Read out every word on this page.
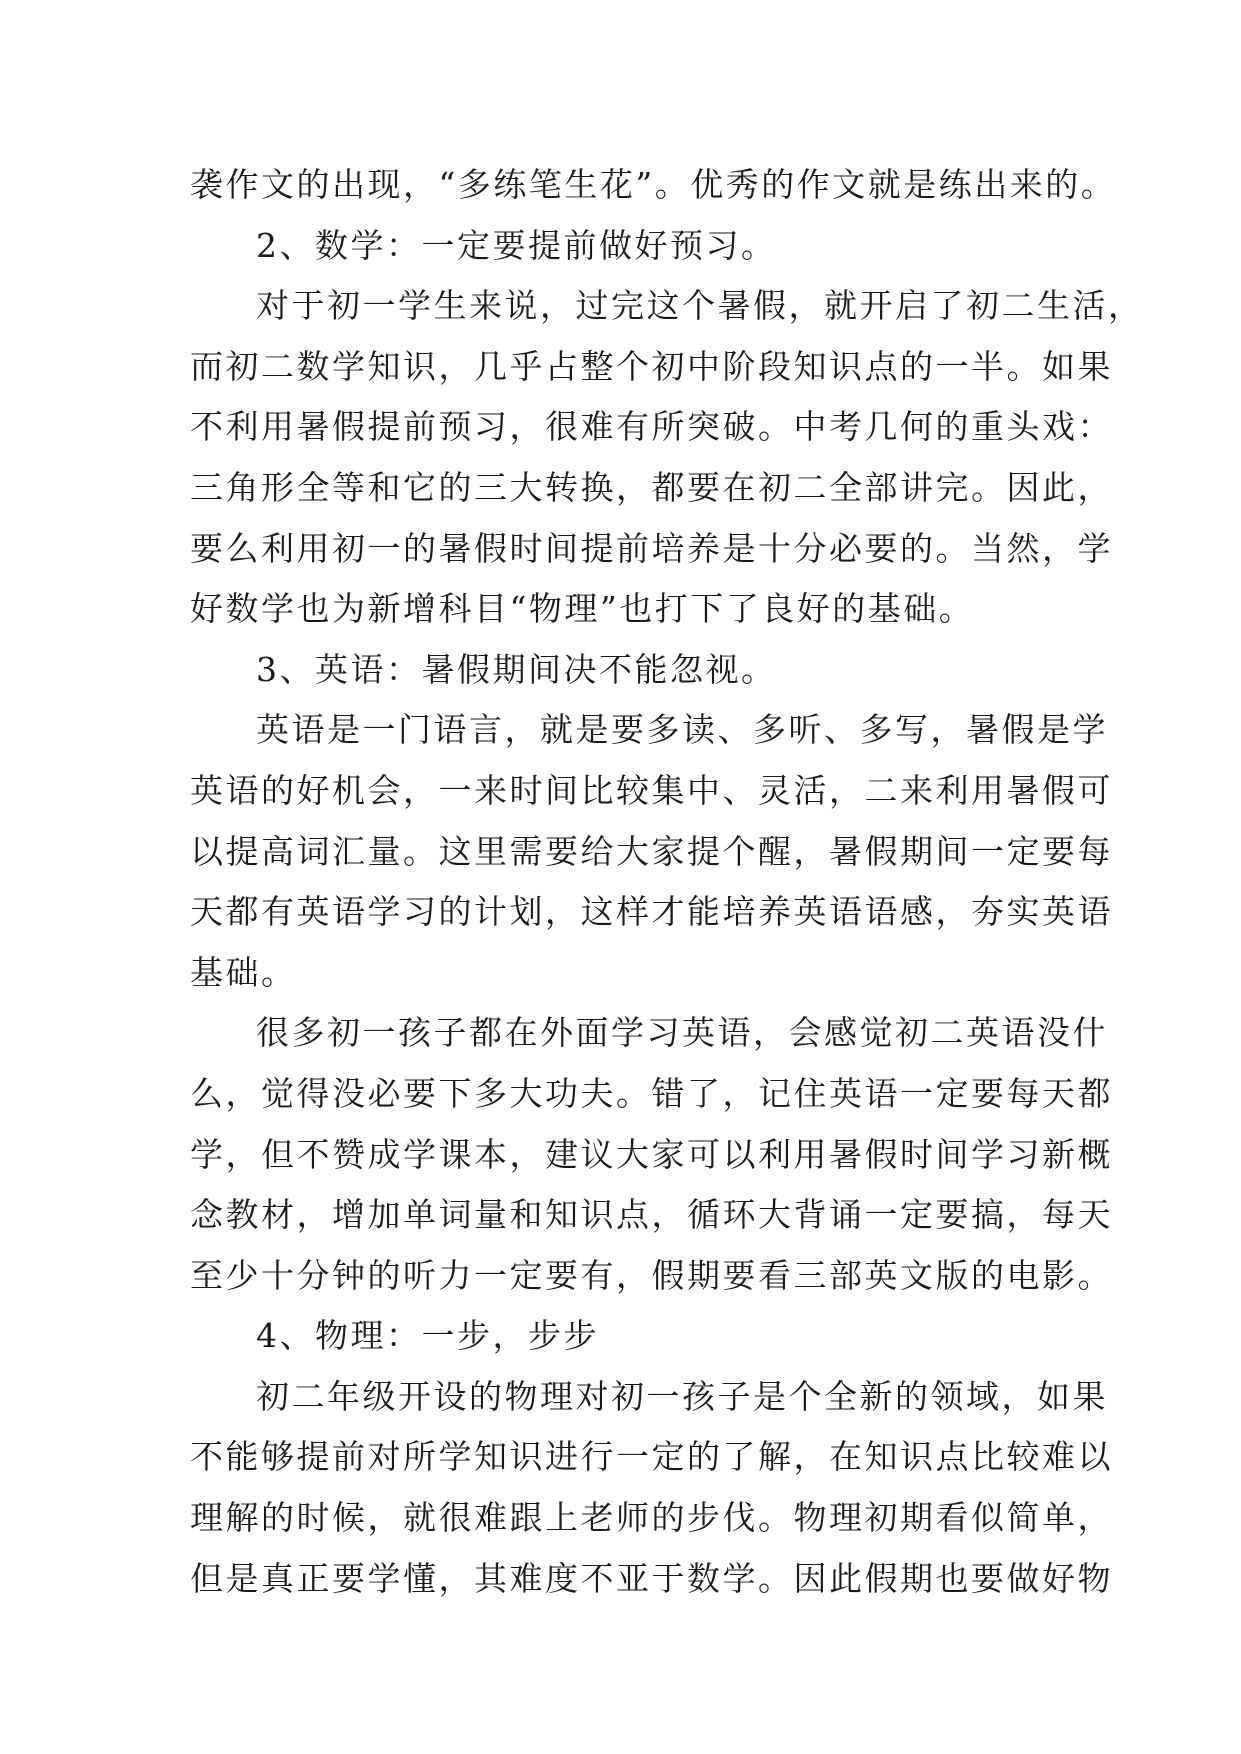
袭作文的出现，“多练笔生花”。优秀的作文就是练出来的。
2、数学：一定要提前做好预习。
对于初一学生来说，过完这个暑假，就开启了初二生活，
而初二数学知识，几乎占整个初中阶段知识点的一半。如果
不利用暑假提前预习，很难有所突破。中考几何的重头戏：
三角形全等和它的三大转换，都要在初二全部讲完。因此，
要么利用初一的暑假时间提前培养是十分必要的。当然，学
好数学也为新增科目“物理”也打下了良好的基础。
3、英语：暑假期间决不能忽视。
英语是一门语言，就是要多读、多听、多写，暑假是学
英语的好机会，一来时间比较集中、灵活，二来利用暑假可
以提高词汇量。这里需要给大家提个醒，暑假期间一定要每
天都有英语学习的计划，这样才能培养英语语感，夯实英语
基础。
很多初一孩子都在外面学习英语，会感觉初二英语没什
么，觉得没必要下多大功夫。错了，记住英语一定要每天都
学，但不赞成学课本，建议大家可以利用暑假时间学习新概
念教材，增加单词量和知识点，循环大背诵一定要搞，每天
至少十分钟的听力一定要有，假期要看三部英文版的电影。
4、物理：一步，步步
初二年级开设的物理对初一孩子是个全新的领域，如果
不能够提前对所学知识进行一定的了解，在知识点比较难以
理解的时候，就很难跟上老师的步伐。物理初期看似简单，
但是真正要学懂，其难度不亚于数学。因此假期也要做好物
